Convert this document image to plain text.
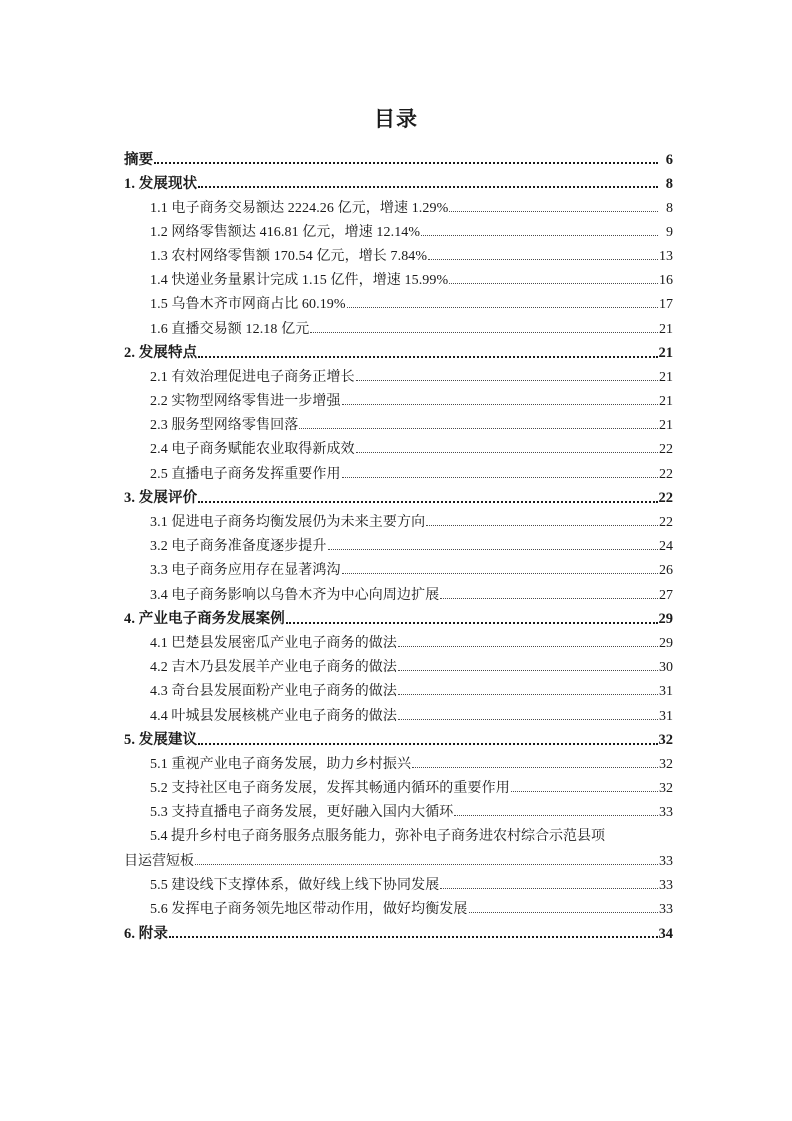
目录
摘要	6
1. 发展现状	8
1.1 电子商务交易额达 2224.26 亿元，增速 1.29%	8
1.2 网络零售额达 416.81 亿元，增速 12.14%	9
1.3 农村网络零售额 170.54 亿元，增长 7.84%	13
1.4 快递业务量累计完成 1.15 亿件，增速 15.99%	16
1.5 乌鲁木齐市网商占比 60.19%	17
1.6 直播交易额 12.18 亿元	21
2. 发展特点	21
2.1 有效治理促进电子商务正增长	21
2.2 实物型网络零售进一步增强	21
2.3 服务型网络零售回落	21
2.4 电子商务赋能农业取得新成效	22
2.5 直播电子商务发挥重要作用	22
3. 发展评价	22
3.1 促进电子商务均衡发展仍为未来主要方向	22
3.2 电子商务准备度逐步提升	24
3.3 电子商务应用存在显著鸿沟	26
3.4 电子商务影响以乌鲁木齐为中心向周边扩展	27
4. 产业电子商务发展案例	29
4.1 巴楚县发展密瓜产业电子商务的做法	29
4.2 吉木乃县发展羊产业电子商务的做法	30
4.3 奇台县发展面粉产业电子商务的做法	31
4.4 叶城县发展核桃产业电子商务的做法	31
5. 发展建议	32
5.1 重视产业电子商务发展，助力乡村振兴	32
5.2 支持社区电子商务发展，发挥其畅通内循环的重要作用	32
5.3 支持直播电子商务发展，更好融入国内大循环	33
5.4 提升乡村电子商务服务点服务能力，弥补电子商务进农村综合示范县项
目运营短板	33
5.5 建设线下支撑体系，做好线上线下协同发展	33
5.6 发挥电子商务领先地区带动作用，做好均衡发展	33
6. 附录	34
